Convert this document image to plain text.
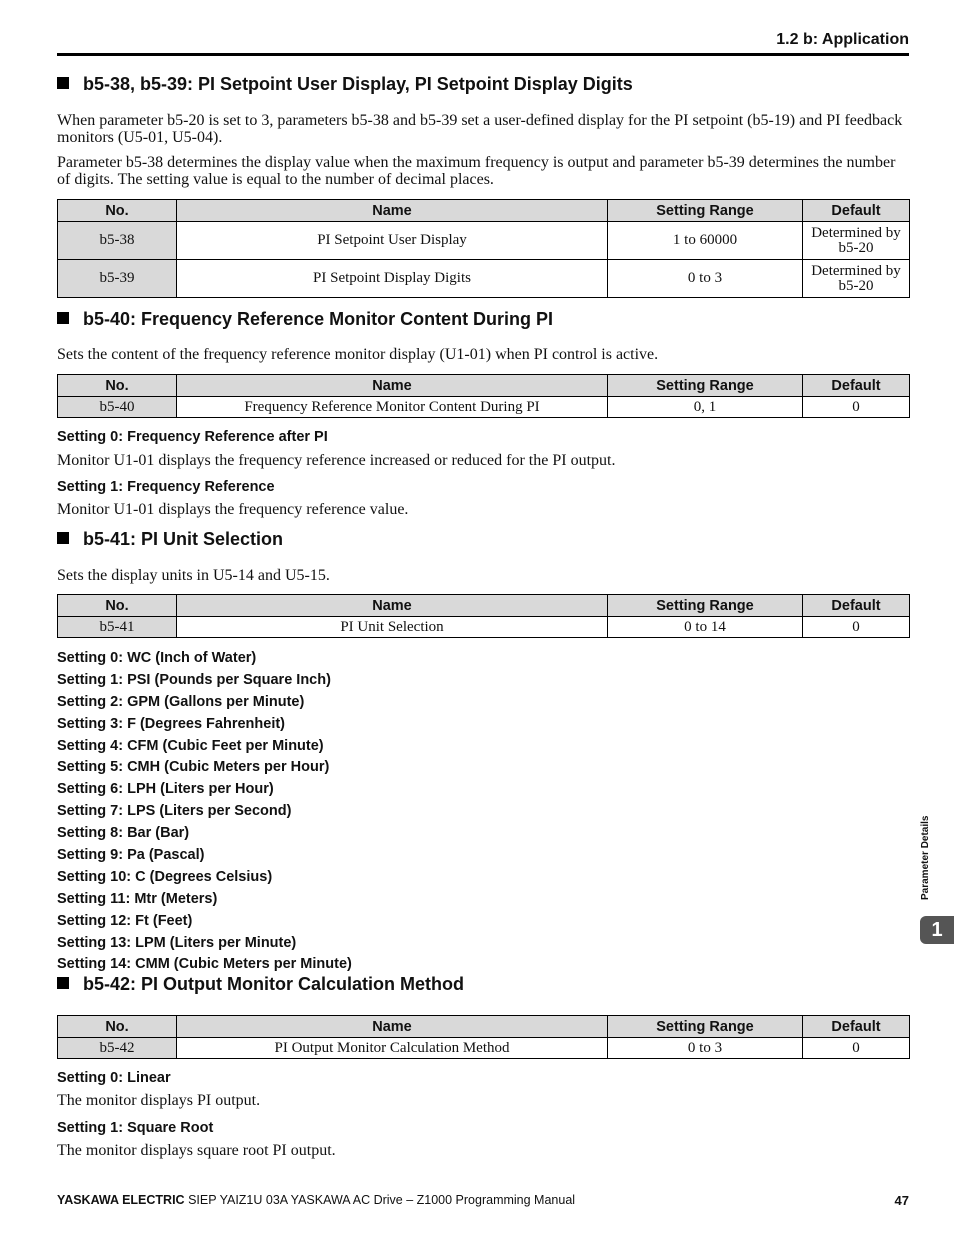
1.2 b: Application
b5-38, b5-39: PI Setpoint User Display, PI Setpoint Display Digits
When parameter b5-20 is set to 3, parameters b5-38 and b5-39 set a user-defined display for the PI setpoint (b5-19) and PI feedback monitors (U5-01, U5-04).
Parameter b5-38 determines the display value when the maximum frequency is output and parameter b5-39 determines the number of digits. The setting value is equal to the number of decimal places.
No.	Name	Setting Range	Default
b5-38	PI Setpoint User Display	1 to 60000	Determined by b5-20
b5-39	PI Setpoint Display Digits	0 to 3	Determined by b5-20
b5-40: Frequency Reference Monitor Content During PI
Sets the content of the frequency reference monitor display (U1-01) when PI control is active.
No.	Name	Setting Range	Default
b5-40	Frequency Reference Monitor Content During PI	0, 1	0
Setting 0: Frequency Reference after PI
Monitor U1-01 displays the frequency reference increased or reduced for the PI output.
Setting 1: Frequency Reference
Monitor U1-01 displays the frequency reference value.
b5-41: PI Unit Selection
Sets the display units in U5-14 and U5-15.
No.	Name	Setting Range	Default
b5-41	PI Unit Selection	0 to 14	0
Setting 0: WC (Inch of Water)
Setting 1: PSI (Pounds per Square Inch)
Setting 2: GPM (Gallons per Minute)
Setting 3: F (Degrees Fahrenheit)
Setting 4: CFM (Cubic Feet per Minute)
Setting 5: CMH (Cubic Meters per Hour)
Setting 6: LPH (Liters per Hour)
Setting 7: LPS (Liters per Second)
Setting 8: Bar (Bar)
Setting 9: Pa (Pascal)
Setting 10: C (Degrees Celsius)
Setting 11: Mtr (Meters)
Setting 12: Ft (Feet)
Setting 13: LPM (Liters per Minute)
Setting 14: CMM (Cubic Meters per Minute)
b5-42: PI Output Monitor Calculation Method
No.	Name	Setting Range	Default
b5-42	PI Output Monitor Calculation Method	0 to 3	0
Setting 0: Linear
The monitor displays PI output.
Setting 1: Square Root
The monitor displays square root PI output.
Parameter Details
1
YASKAWA ELECTRIC SIEP YAIZ1U 03A YASKAWA AC Drive – Z1000 Programming Manual	47
